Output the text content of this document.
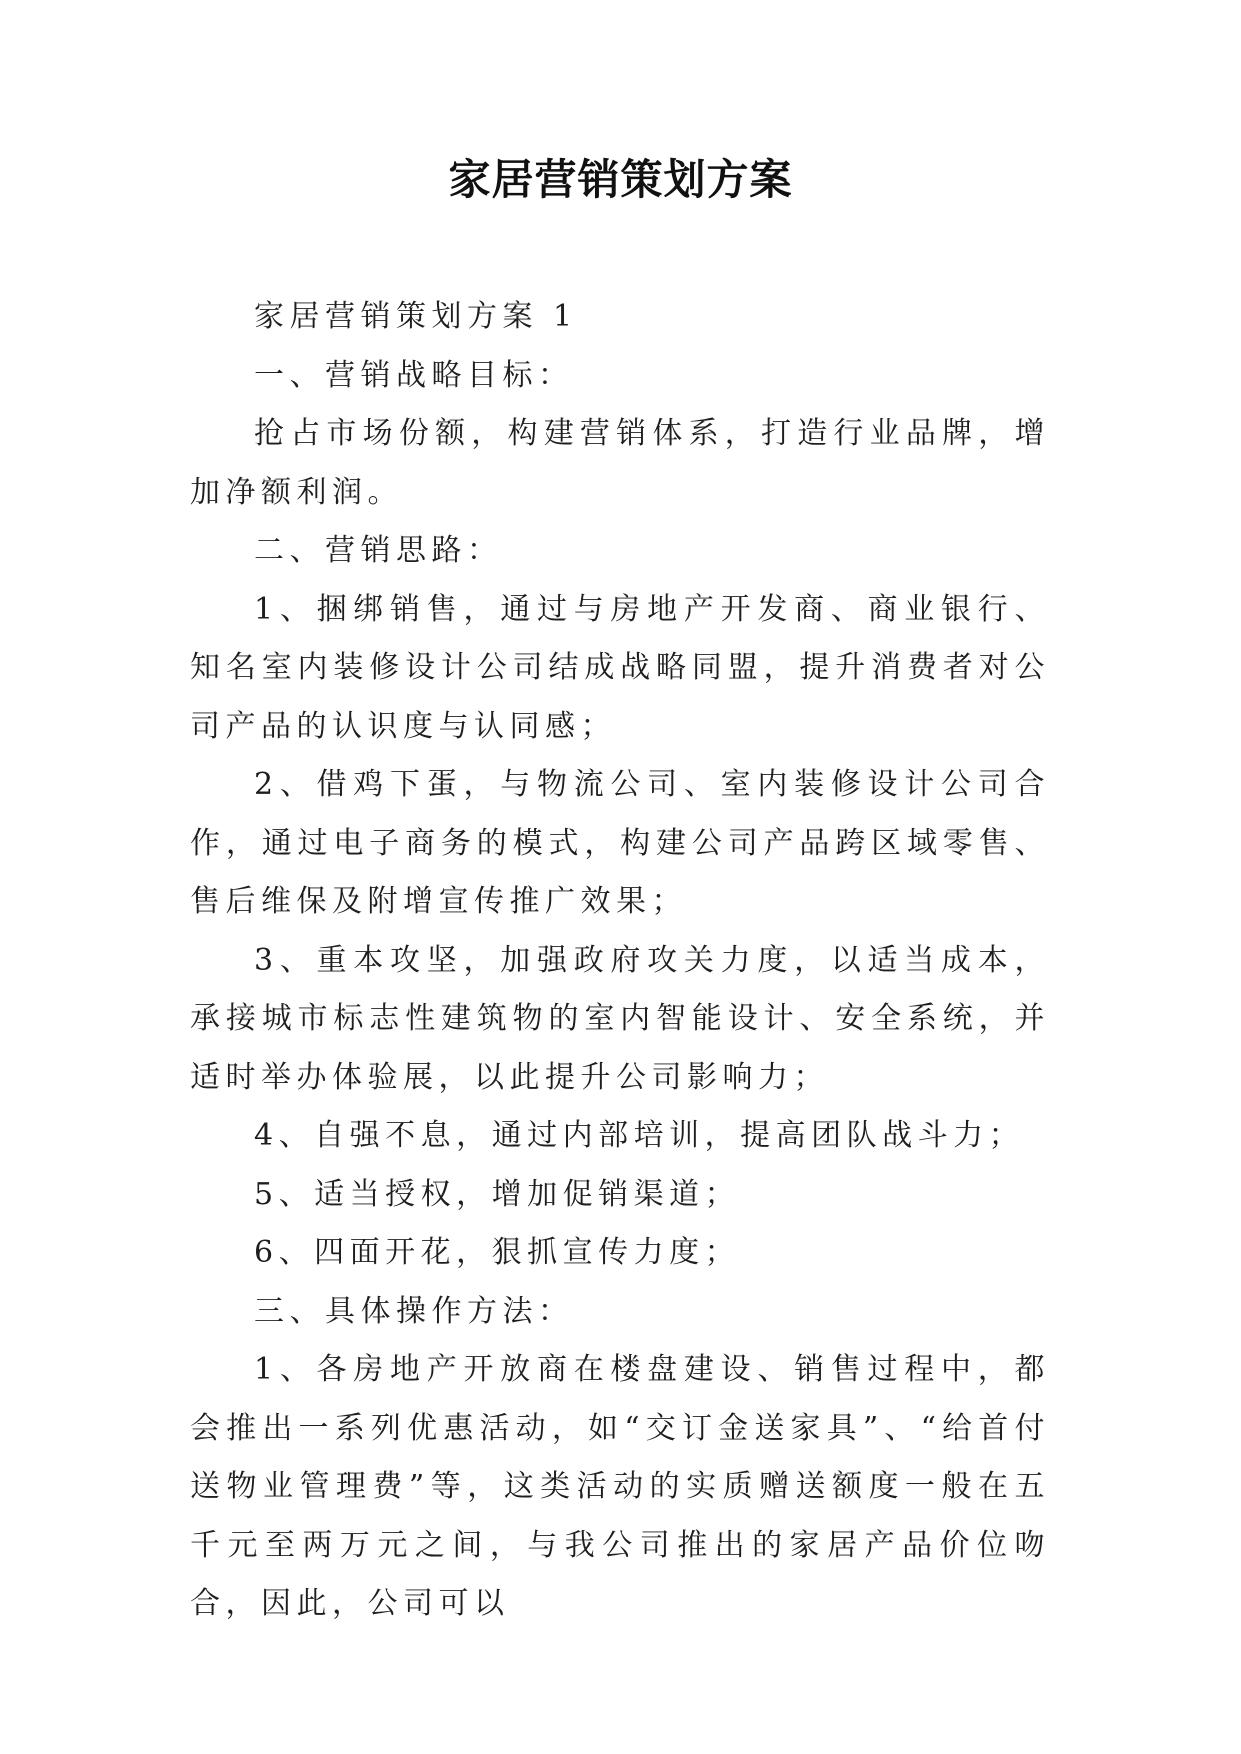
家居营销策划方案

家居营销策划方案 1

一、营销战略目标：

抢占市场份额，构建营销体系，打造行业品牌，增加净额利润。

二、营销思路：

1、捆绑销售，通过与房地产开发商、商业银行、知名室内装修设计公司结成战略同盟，提升消费者对公司产品的认识度与认同感；

2、借鸡下蛋，与物流公司、室内装修设计公司合作，通过电子商务的模式，构建公司产品跨区域零售、售后维保及附增宣传推广效果；

3、重本攻坚，加强政府攻关力度，以适当成本，承接城市标志性建筑物的室内智能设计、安全系统，并适时举办体验展，以此提升公司影响力；

4、自强不息，通过内部培训，提高团队战斗力；

5、适当授权，增加促销渠道；

6、四面开花，狠抓宣传力度；

三、具体操作方法：

1、各房地产开放商在楼盘建设、销售过程中，都会推出一系列优惠活动，如“交订金送家具”、“给首付送物业管理费”等，这类活动的实质赠送额度一般在五千元至两万元之间，与我公司推出的家居产品价位吻合，因此，公司可以
